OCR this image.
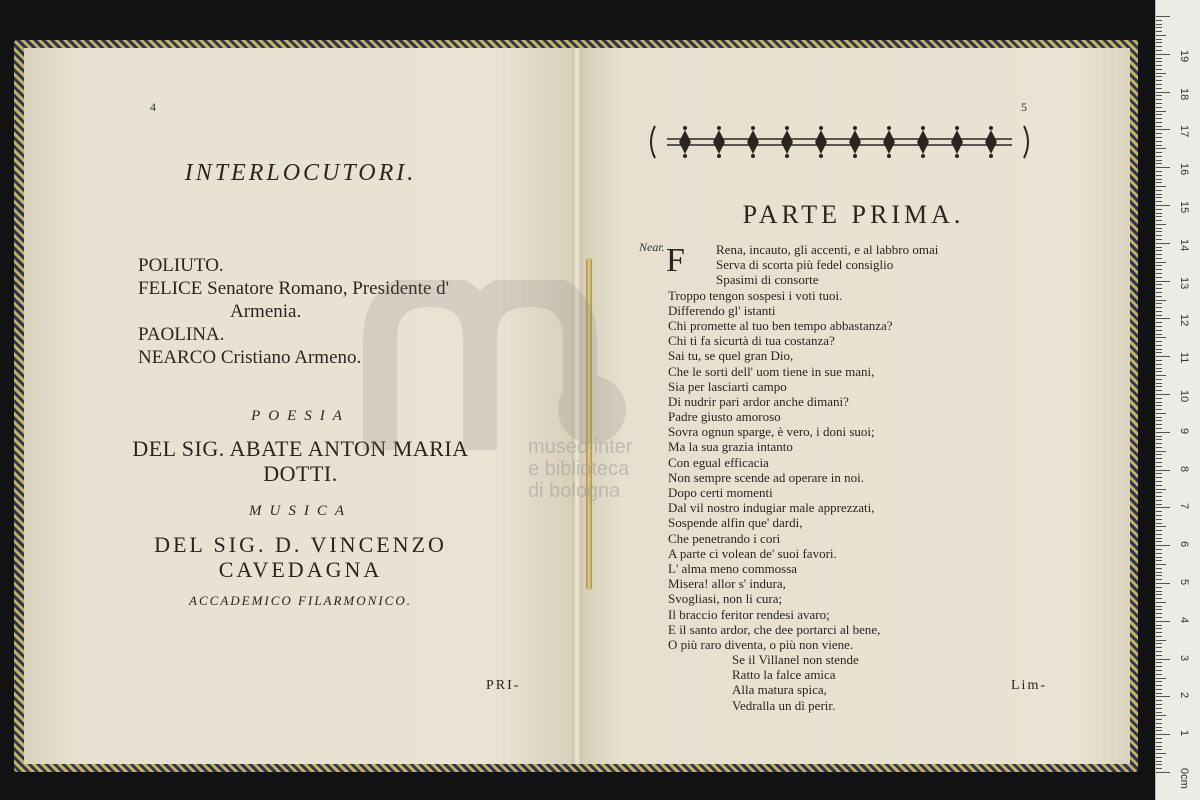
4
INTERLOCUTORI.
POLIUTO.
FELICE Senatore Romano, Presidente d'
Armenia.
PAOLINA.
NEARCO Cristiano Armeno.
POESIA
DEL SIG. ABATE ANTON MARIA
DOTTI.
MUSICA
DEL SIG. D. VINCENZO
CAVEDAGNA
ACCADEMICO FILARMONICO.
PRI-
5
PARTE PRIMA.
Near. F	Rena, incauto, gli accenti, e al labbro omai
Serva di scorta più fedel consiglio
Spasimi di consorte
Troppo tengon sospesi i voti tuoi.
Differendo gl' istanti
Chi promette al tuo ben tempo abbastanza?
Chi ti fa sicurtà di tua costanza?
Sai tu, se quel gran Dio,
Che le sorti dell' uom tiene in sue mani,
Sia per lasciarti campo
Di nudrir pari ardor anche dimani?
Padre giusto amoroso
Sovra ognun sparge, è vero, i doni suoi;
Ma la sua grazia intanto
Con egual efficacia
Non sempre scende ad operare in noi.
Dopo certi momenti
Dal vil nostro indugiar male apprezzati,
Sospende alfin que' dardi,
Che penetrando i cori
A parte ci volean de' suoi favori.
L' alma meno commossa
Misera! allor s' indura,
Svogliasi, non li cura;
Il braccio feritor rendesi avaro;
E il santo ardor, che dee portarci al bene,
O più raro diventa, o più non viene.
Se il Villanel non stende
Ratto la falce amica
Alla matura spica,
Vedralla un dì perir.
Lim-
museo inter
e biblioteca
di bologna
0cm
1
2
3
4
5
6
7
8
9
10
11
12
13
14
15
16
17
18
19
